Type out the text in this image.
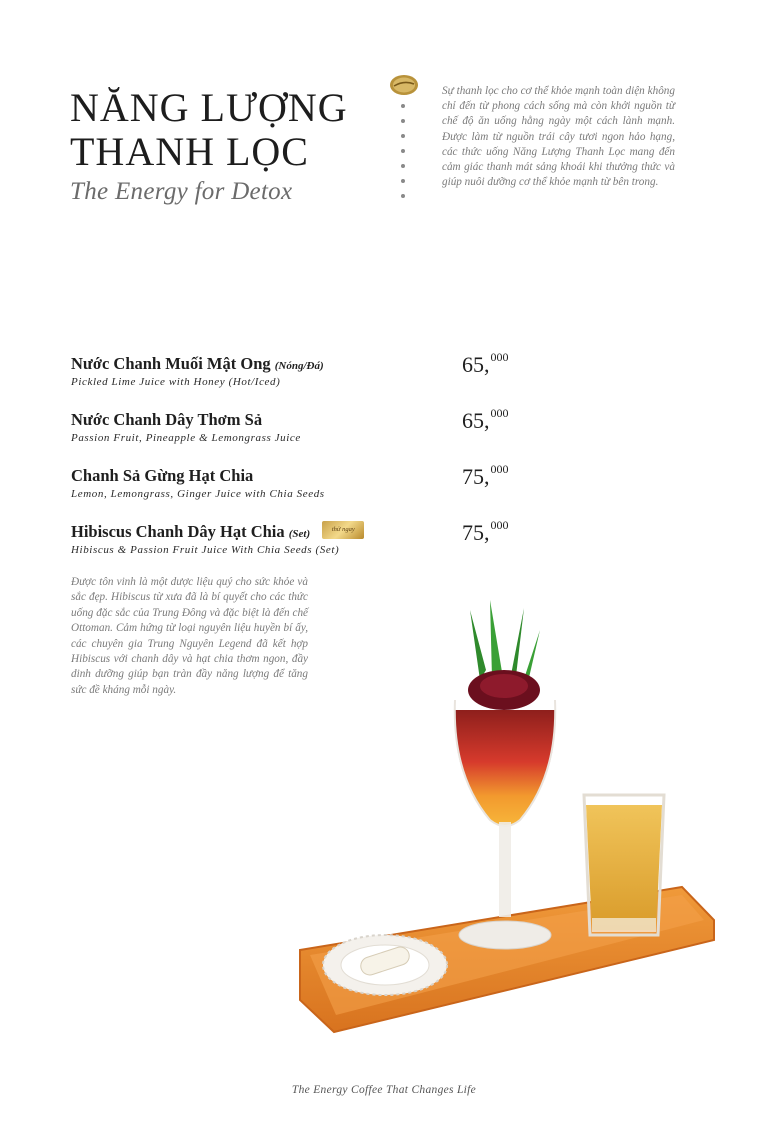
NĂNG LƯỢNG
THANH LỌC
The Energy for Detox

Sự thanh lọc cho cơ thể khỏe mạnh toàn diện không chỉ đến từ phong cách sống mà còn khởi nguồn từ chế độ ăn uống hằng ngày một cách lành mạnh. Được làm từ nguồn trái cây tươi ngon hảo hạng, các thức uống Năng Lượng Thanh Lọc mang đến cảm giác thanh mát sảng khoái khi thưởng thức và giúp nuôi dưỡng cơ thể khỏe mạnh từ bên trong.

Nước Chanh Muối Mật Ong (Nóng/Đá)
Pickled Lime Juice with Honey (Hot/Iced)
65,$^{000}$
Nước Chanh Dây Thơm Sả
Passion Fruit, Pineapple & Lemongrass Juice
65,$^{000}$
Chanh Sả Gừng Hạt Chia
Lemon, Lemongrass, Ginger Juice with Chia Seeds
75,$^{000}$
Hibiscus Chanh Dây Hạt Chia (Set)	thử ngay
Hibiscus & Passion Fruit Juice With Chia Seeds (Set)
75,$^{000}$

Được tôn vinh là một dược liệu quý cho sức khỏe và sắc đẹp. Hibiscus từ xưa đã là bí quyết cho các thức uống đặc sắc của Trung Đông và đặc biệt là đến chế Ottoman. Cảm hứng từ loại nguyên liệu huyền bí ấy, các chuyên gia Trung Nguyên Legend đã kết hợp Hibiscus với chanh dây và hạt chia thơm ngon, đầy dinh dưỡng giúp bạn tràn đầy năng lượng để tăng sức đề kháng mỗi ngày.

The Energy Coffee That Changes Life
